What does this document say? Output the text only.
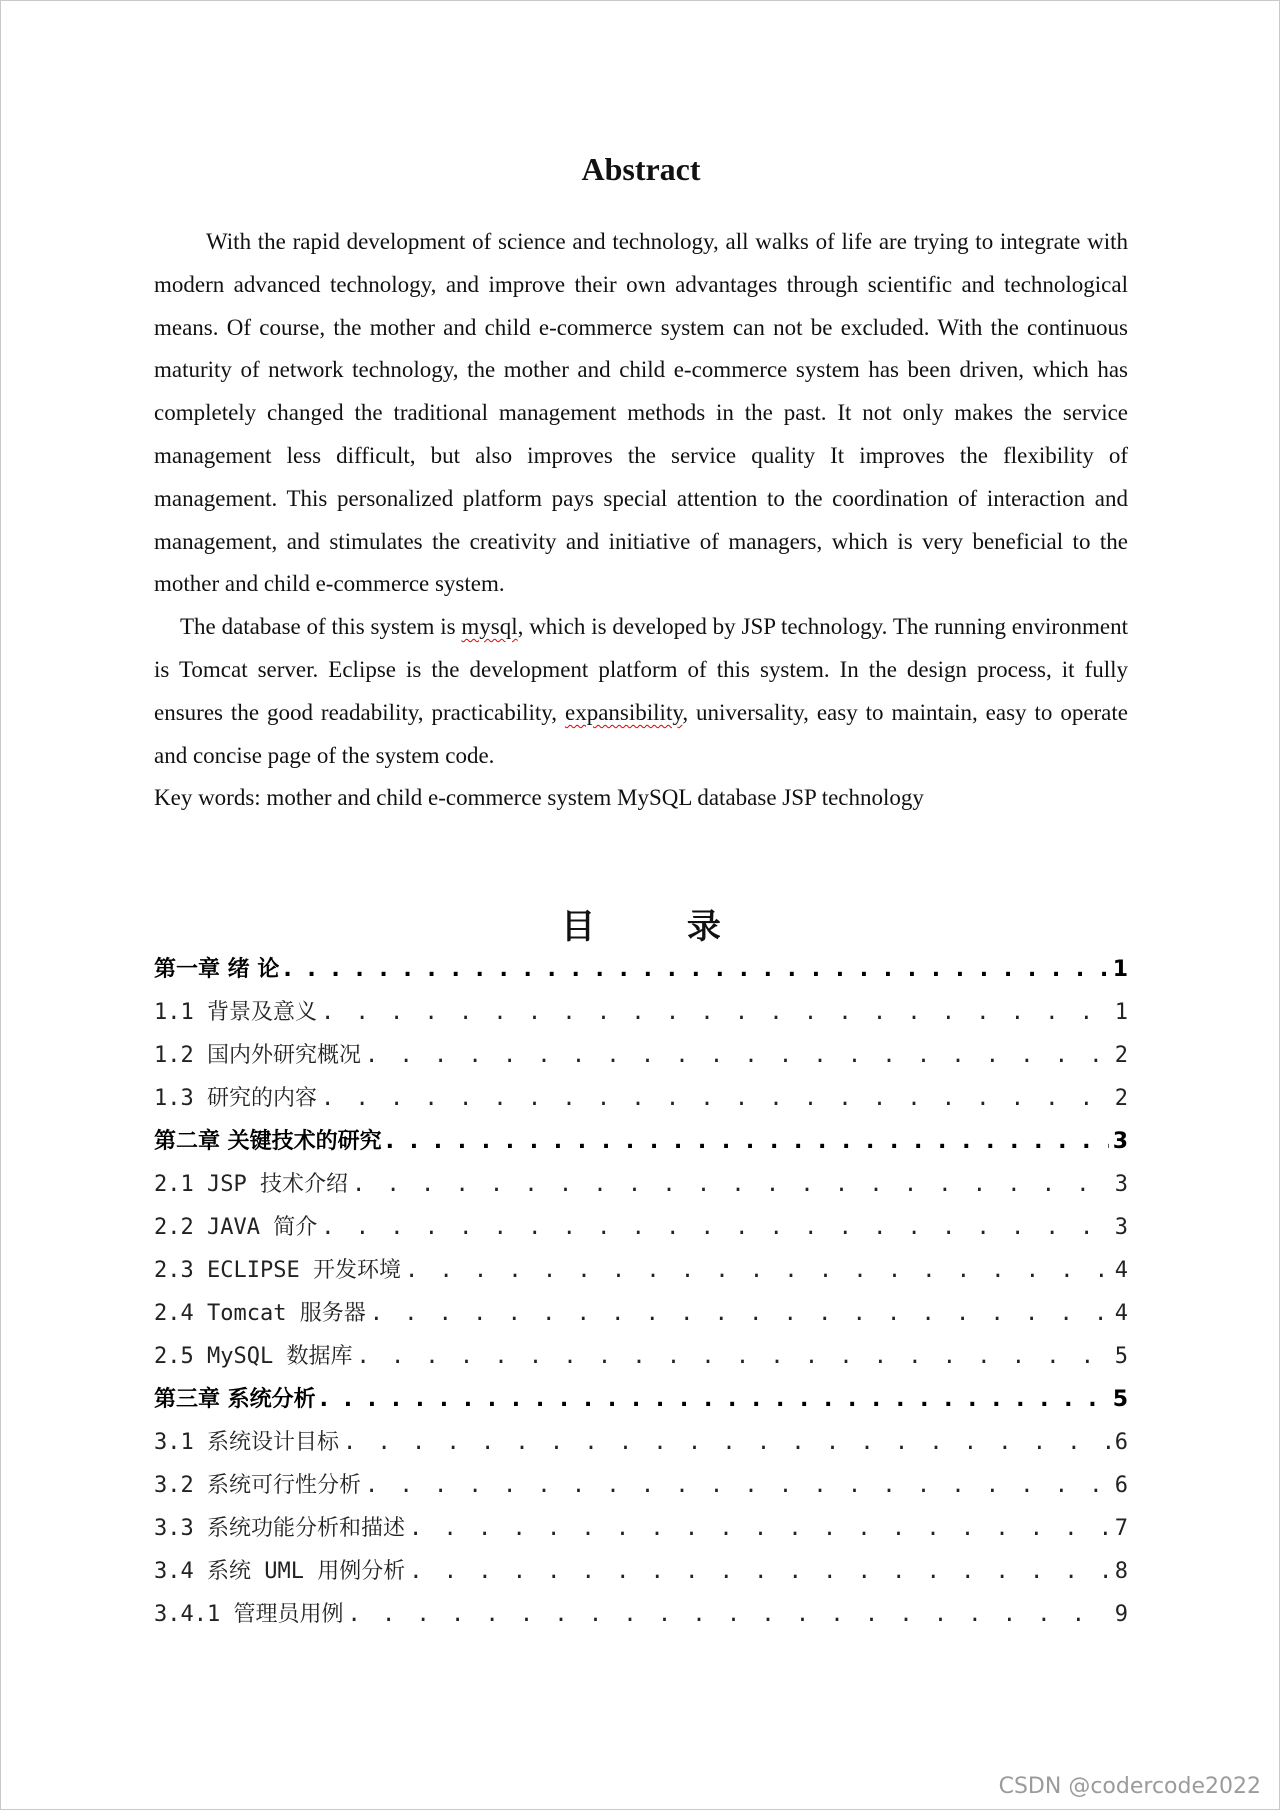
Abstract

With the rapid development of science and technology, all walks of life are trying to integrate with modern advanced technology, and improve their own advantages through scientific and technological means. Of course, the mother and child e-commerce system can not be excluded. With the continuous maturity of network technology, the mother and child e-commerce system has been driven, which has completely changed the traditional management methods in the past. It not only makes the service management less difficult, but also improves the service quality It improves the flexibility of management. This personalized platform pays special attention to the coordination of interaction and management, and stimulates the creativity and initiative of managers, which is very beneficial to the mother and child e-commerce system.

The database of this system is mysql, which is developed by JSP technology. The running environment is Tomcat server. Eclipse is the development platform of this system. In the design process, it fully ensures the good readability, practicability, expansibility, universality, easy to maintain, easy to operate and concise page of the system code.

Key words: mother and child e-commerce system MySQL database JSP technology

目 录
第一章 绪 论 . . .	1
1.1 背景及意义 . . .	1
1.2 国内外研究概况 . . .	2
1.3 研究的内容 . . .	2
第二章 关键技术的研究 . . .	3
2.1 JSP 技术介绍 . . .	3
2.2 JAVA 简介 . . .	3
2.3 ECLIPSE 开发环境 . . .	4
2.4 Tomcat 服务器 . . .	4
2.5 MySQL 数据库 . . .	5
第三章 系统分析 . . .	5
3.1 系统设计目标 . . .	6
3.2 系统可行性分析 . . .	6
3.3 系统功能分析和描述 . . .	7
3.4 系统 UML 用例分析 . . .	8
3.4.1 管理员用例 . . .	9
CSDN @codercode2022
